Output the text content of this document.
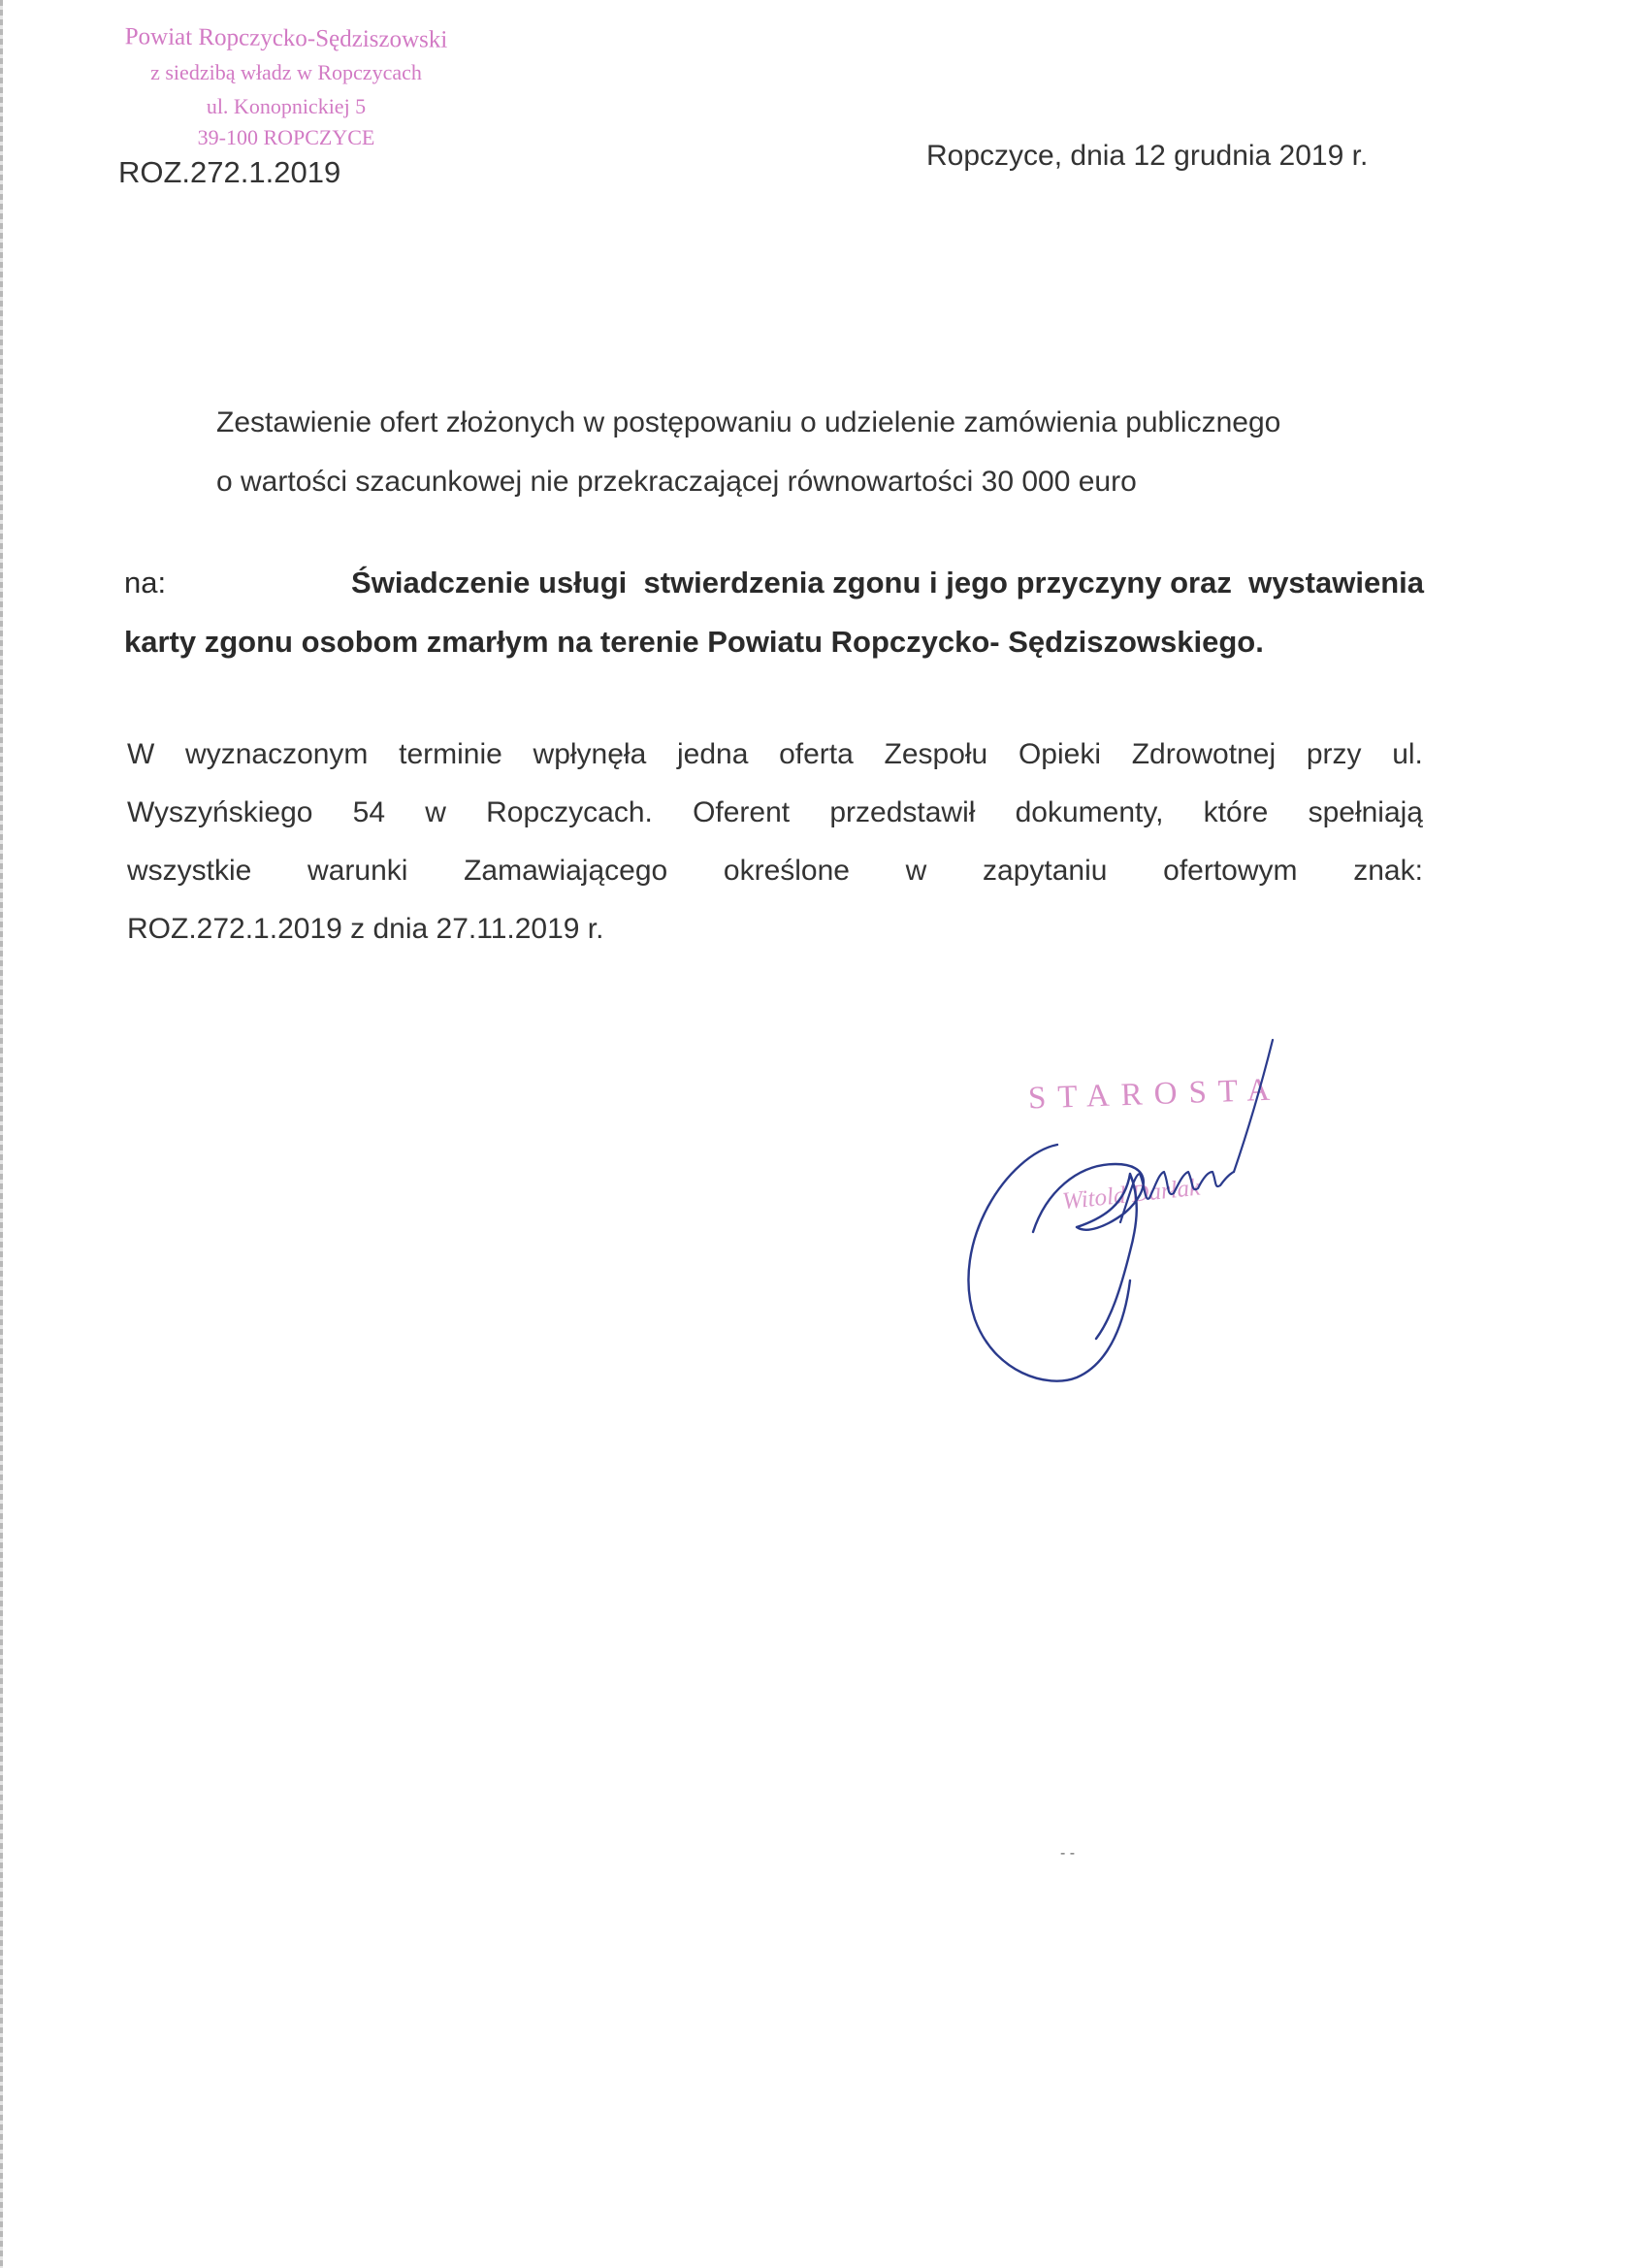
Powiat Ropczycko-Sędziszowski
z siedzibą władz w Ropczycach
ul. Konopnickiej 5
39-100 ROPCZYCE
ROZ.272.1.2019	Ropczyce, dnia 12 grudnia 2019 r.
Zestawienie ofert złożonych w postępowaniu o udzielenie zamówienia publicznego
o wartości szacunkowej nie przekraczającej równowartości 30 000 euro
na:	Świadczenie usługi  stwierdzenia zgonu i jego przyczyny oraz  wystawienia
karty zgonu osobom zmarłym na terenie Powiatu Ropczycko- Sędziszowskiego.
W wyznaczonym terminie wpłynęła jedna oferta Zespołu Opieki Zdrowotnej przy ul.
Wyszyńskiego 54 w Ropczycach. Oferent przedstawił dokumenty, które spełniają
wszystkie warunki Zamawiającego określone w zapytaniu ofertowym znak:
ROZ.272.1.2019 z dnia 27.11.2019 r.
STAROSTA
Witold Darłak
- -
